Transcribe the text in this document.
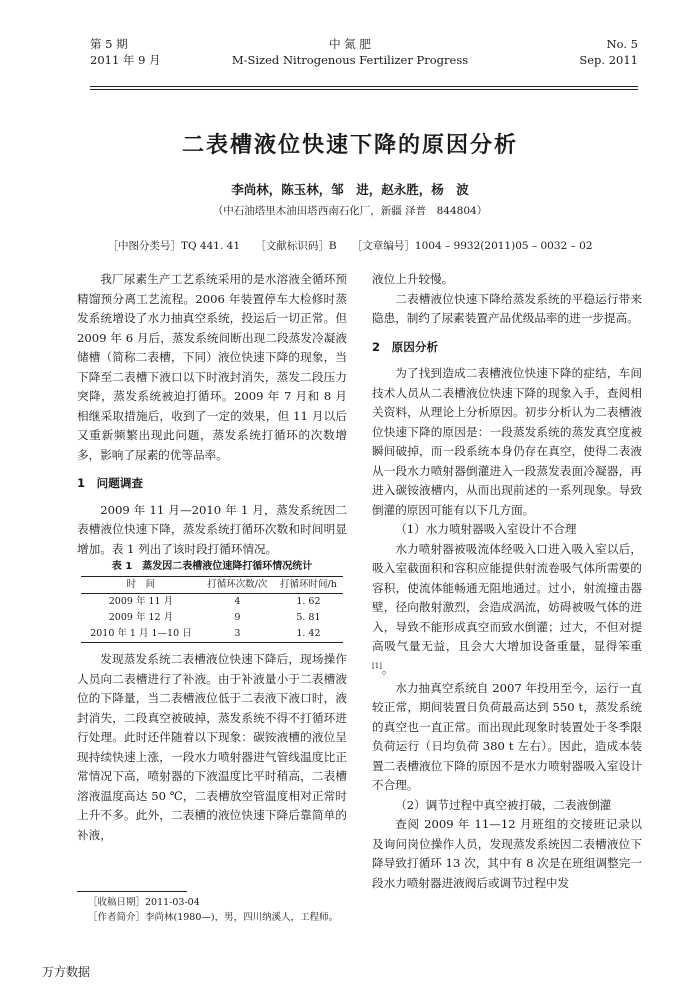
第 5 期
2011 年 9 月
中 氮 肥
M-Sized Nitrogenous Fertilizer Progress
No. 5
Sep. 2011
二表槽液位快速下降的原因分析
李尚林，陈玉林，邹　进，赵永胜，杨　波
（中石油塔里木油田塔西南石化厂，新疆 泽普　844804）
［中图分类号］TQ 441. 41 ［文献标识码］B ［文章编号］1004 – 9932(2011)05 – 0032 – 02

我厂尿素生产工艺系统采用的是水溶液全循环预精馏预分离工艺流程。2006 年装置停车大检修时蒸发系统增设了水力抽真空系统，投运后一切正常。但 2009 年 6 月后，蒸发系统间断出现二段蒸发冷凝液储槽（简称二表槽，下同）液位快速下降的现象，当下降至二表槽下液口以下时液封消失，蒸发二段压力突降，蒸发系统被迫打循环。2009 年 7 月和 8 月相继采取措施后，收到了一定的效果，但 11 月以后又重新频繁出现此问题，蒸发系统打循环的次数增多，影响了尿素的优等品率。

1　问题调查

2009 年 11 月—2010 年 1 月，蒸发系统因二表槽液位快速下降，蒸发系统打循环次数和时间明显增加。表 1 列出了该时段打循环情况。

表 1　蒸发因二表槽液位速降打循环情况统计
时　间	打循环次数/次	打循环时间/h
2009 年 11 月	4	1. 62
2009 年 12 月	9	5. 81
2010 年 1 月 1—10 日	3	1. 42

发现蒸发系统二表槽液位快速下降后，现场操作人员向二表槽进行了补液。由于补液量小于二表槽液位的下降量，当二表槽液位低于二表液下液口时，液封消失，二段真空被破掉，蒸发系统不得不打循环进行处理。此时还伴随着以下现象：碳铵液槽的液位呈现持续快速上涨，一段水力喷射器进气管线温度比正常情况下高，喷射器的下液温度比平时稍高，二表槽溶液温度高达 50 ℃，二表槽放空管温度相对正常时上升不多。此外，二表槽的液位快速下降后靠简单的补液，

液位上升较慢。

二表槽液位快速下降给蒸发系统的平稳运行带来隐患，制约了尿素装置产品优级品率的进一步提高。

2　原因分析

为了找到造成二表槽液位快速下降的症结，车间技术人员从二表槽液位快速下降的现象入手，查阅相关资料，从理论上分析原因。初步分析认为二表槽液位快速下降的原因是：一段蒸发系统的蒸发真空度被瞬间破掉，而一段系统本身仍存在真空，使得二表液从一段水力喷射器倒灌进入一段蒸发表面冷凝器，再进入碳铵液槽内，从而出现前述的一系列现象。导致倒灌的原因可能有以下几方面。

（1）水力喷射器吸入室设计不合理

水力喷射器被吸流体经吸入口进入吸入室以后，吸入室截面积和容积应能提供射流卷吸气体所需要的容积，使流体能畅通无阻地通过。过小，射流撞击器壁，径向散射激烈，会造成涡流，妨碍被吸气体的进入，导致不能形成真空而致水倒灌；过大，不但对提高吸气量无益，且会大大增加设备重量，显得笨重[1]。

水力抽真空系统自 2007 年投用至今，运行一直较正常，期间装置日负荷最高达到 550 t，蒸发系统的真空也一直正常。而出现此现象时装置处于冬季限负荷运行（日均负荷 380 t 左右）。因此，造成本装置二表槽液位下降的原因不是水力喷射器吸入室设计不合理。

（2）调节过程中真空被打破，二表液倒灌

查阅 2009 年 11—12 月班组的交接班记录以及询问岗位操作人员，发现蒸发系统因二表槽液位下降导致打循环 13 次，其中有 8 次是在班组调整完一段水力喷射器进液阀后或调节过程中发

［收稿日期］2011-03-04
［作者简介］李尚林(1980—)，男，四川纳溪人，工程师。
万方数据
